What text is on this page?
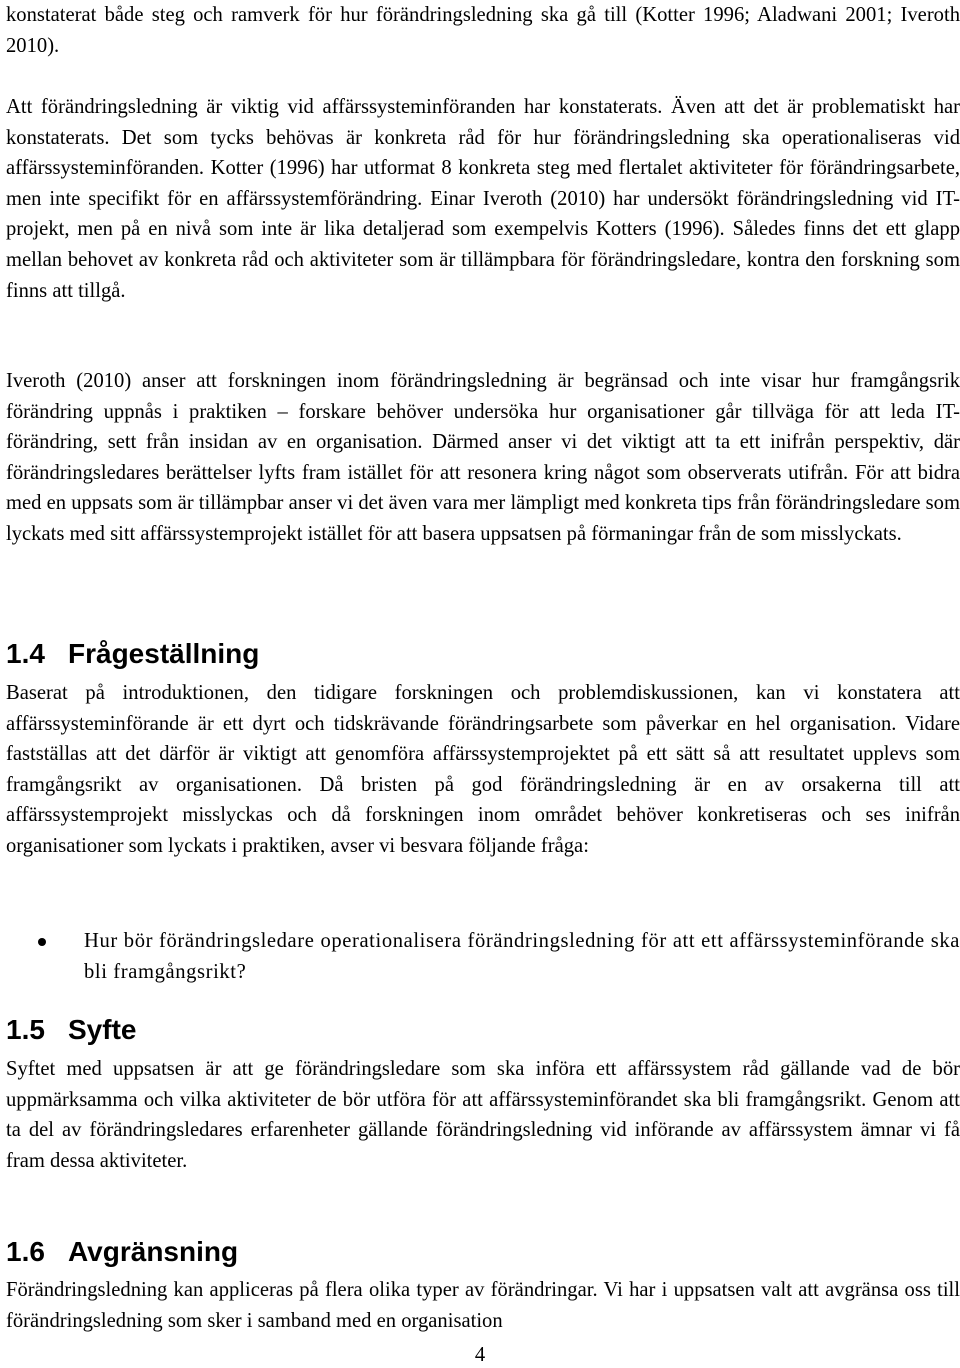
konstaterat både steg och ramverk för hur förändringsledning ska gå till (Kotter 1996; Aladwani 2001; Iveroth 2010).

Att förändringsledning är viktig vid affärssysteminföranden har konstaterats. Även att det är problematiskt har konstaterats. Det som tycks behövas är konkreta råd för hur förändringsledning ska operationaliseras vid affärssysteminföranden. Kotter (1996) har utformat 8 konkreta steg med flertalet aktiviteter för förändringsarbete, men inte specifikt för en affärssystemförändring. Einar Iveroth (2010) har undersökt förändringsledning vid IT-projekt, men på en nivå som inte är lika detaljerad som exempelvis Kotters (1996). Således finns det ett glapp mellan behovet av konkreta råd och aktiviteter som är tillämpbara för förändringsledare, kontra den forskning som finns att tillgå.

Iveroth (2010) anser att forskningen inom förändringsledning är begränsad och inte visar hur framgångsrik förändring uppnås i praktiken – forskare behöver undersöka hur organisationer går tillväga för att leda IT-förändring, sett från insidan av en organisation. Därmed anser vi det viktigt att ta ett inifrån perspektiv, där förändringsledares berättelser lyfts fram istället för att resonera kring något som observerats utifrån. För att bidra med en uppsats som är tillämpbar anser vi det även vara mer lämpligt med konkreta tips från förändringsledare som lyckats med sitt affärssystemprojekt istället för att basera uppsatsen på förmaningar från de som misslyckats.

1.4 Frågeställning

Baserat på introduktionen, den tidigare forskningen och problemdiskussionen, kan vi konstatera att affärssysteminförande är ett dyrt och tidskrävande förändringsarbete som påverkar en hel organisation. Vidare fastställas att det därför är viktigt att genomföra affärssystemprojektet på ett sätt så att resultatet upplevs som framgångsrikt av organisationen. Då bristen på god förändringsledning är en av orsakerna till att affärssystemprojekt misslyckas och då forskningen inom området behöver konkretiseras och ses inifrån organisationer som lyckats i praktiken, avser vi besvara följande fråga:

Hur bör förändringsledare operationalisera förändringsledning för att ett affärssysteminförande ska bli framgångsrikt?

1.5 Syfte

Syftet med uppsatsen är att ge förändringsledare som ska införa ett affärssystem råd gällande vad de bör uppmärksamma och vilka aktiviteter de bör utföra för att affärssysteminförandet ska bli framgångsrikt. Genom att ta del av förändringsledares erfarenheter gällande förändringsledning vid införande av affärssystem ämnar vi få fram dessa aktiviteter.

1.6 Avgränsning

Förändringsledning kan appliceras på flera olika typer av förändringar. Vi har i uppsatsen valt att avgränsa oss till förändringsledning som sker i samband med en organisation

4
